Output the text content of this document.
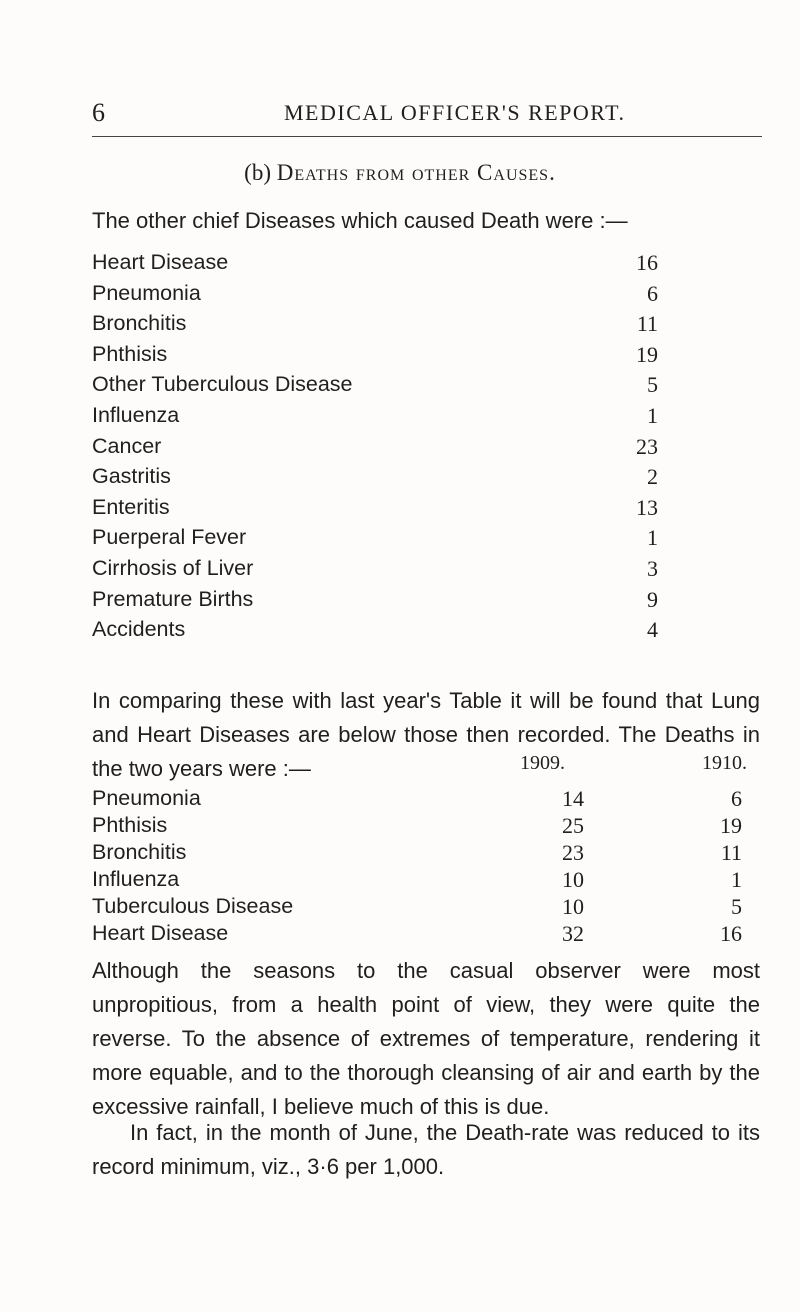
6	MEDICAL OFFICER'S REPORT.
(b) Deaths from other Causes.
The other chief Diseases which caused Death were :—
Heart Disease	16
Pneumonia	6
Bronchitis	11
Phthisis	19
Other Tuberculous Disease	5
Influenza	1
Cancer	23
Gastritis	2
Enteritis	13
Puerperal Fever	1
Cirrhosis of Liver	3
Premature Births	9
Accidents	4
In comparing these with last year's Table it will be found that Lung and Heart Diseases are below those then recorded. The Deaths in the two years were :—	1909.	1910.
Pneumonia	14	6
Phthisis	25	19
Bronchitis	23	11
Influenza	10	1
Tuberculous Disease	10	5
Heart Disease	32	16
Although the seasons to the casual observer were most unpropitious, from a health point of view, they were quite the reverse. To the absence of extremes of temperature, rendering it more equable, and to the thorough cleansing of air and earth by the excessive rainfall, I believe much of this is due.
In fact, in the month of June, the Death-rate was reduced to its record minimum, viz., 3·6 per 1,000.
